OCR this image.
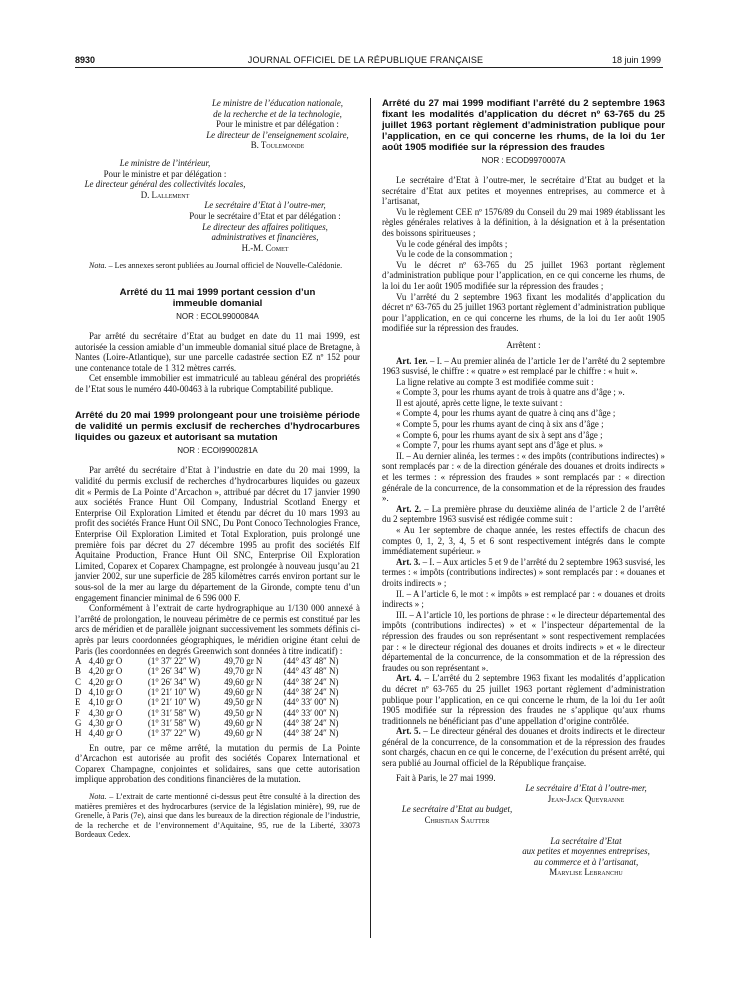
8930	JOURNAL OFFICIEL DE LA RÉPUBLIQUE FRANÇAISE	18 juin 1999

Le ministre de l’éducation nationale,

de la recherche et de la technologie,

Pour le ministre et par délégation :

Le directeur de l’enseignement scolaire,

B. Toulemonde

Le ministre de l’intérieur,

Pour le ministre et par délégation :

Le directeur général des collectivités locales,

D. Lallement

Le secrétaire d’Etat à l’outre-mer,

Pour le secrétaire d’Etat et par délégation :

Le directeur des affaires politiques,

administratives et financières,

H.-M. Comet

Nota. – Les annexes seront publiées au Journal officiel de Nouvelle-Calédonie.

Arrêté du 11 mai 1999 portant cession d’un immeuble domanial

NOR : ECOL9900084A

Par arrêté du secrétaire d’Etat au budget en date du 11 mai 1999, est autorisée la cession amiable d’un immeuble domanial situé place de Bretagne, à Nantes (Loire-Atlantique), sur une parcelle cadastrée section EZ nº 152 pour une contenance totale de 1 312 mètres carrés.

Cet ensemble immobilier est immatriculé au tableau général des propriétés de l’Etat sous le numéro 440-00463 à la rubrique Comptabilité publique.

Arrêté du 20 mai 1999 prolongeant pour une troisième période de validité un permis exclusif de recherches d’hydrocarbures liquides ou gazeux et autorisant sa mutation

NOR : ECOI9900281A

Par arrêté du secrétaire d’Etat à l’industrie en date du 20 mai 1999, la validité du permis exclusif de recherches d’hydrocarbures liquides ou gazeux dit « Permis de La Pointe d’Arcachon », attribué par décret du 17 janvier 1990 aux sociétés France Hunt Oil Company, Industrial Scotland Energy et Enterprise Oil Exploration Limited et étendu par décret du 10 mars 1993 au profit des sociétés France Hunt Oil SNC, Du Pont Conoco Technologies France, Enterprise Oil Exploration Limited et Total Exploration, puis prolongé une première fois par décret du 27 décembre 1995 au profit des sociétés Elf Aquitaine Production, France Hunt Oil SNC, Enterprise Oil Exploration Limited, Coparex et Coparex Champagne, est prolongée à nouveau jusqu’au 21 janvier 2002, sur une superficie de 285 kilomètres carrés environ portant sur le sous-sol de la mer au large du département de la Gironde, compte tenu d’un engagement financier minimal de 6 596 000 F.

Conformément à l’extrait de carte hydrographique au 1/130 000 annexé à l’arrêté de prolongation, le nouveau périmètre de ce permis est constitué par les arcs de méridien et de parallèle joignant successivement les sommets définis ci-après par leurs coordonnées géographiques, le méridien origine étant celui de Paris (les coordonnées en degrés Greenwich sont données à titre indicatif) :

A	4,40 gr O	(1° 37′ 22″ W)	49,70 gr N	(44° 43′ 48″ N)
B	4,20 gr O	(1° 26′ 34″ W)	49,70 gr N	(44° 43′ 48″ N)
C	4,20 gr O	(1° 26′ 34″ W)	49,60 gr N	(44° 38′ 24″ N)
D	4,10 gr O	(1° 21′ 10″ W)	49,60 gr N	(44° 38′ 24″ N)
E	4,10 gr O	(1° 21′ 10″ W)	49,50 gr N	(44° 33′ 00″ N)
F	4,30 gr O	(1° 31′ 58″ W)	49,50 gr N	(44° 33′ 00″ N)
G	4,30 gr O	(1° 31′ 58″ W)	49,60 gr N	(44° 38′ 24″ N)
H	4,40 gr O	(1° 37′ 22″ W)	49,60 gr N	(44° 38′ 24″ N)

En outre, par ce même arrêté, la mutation du permis de La Pointe d’Arcachon est autorisée au profit des sociétés Coparex International et Coparex Champagne, conjointes et solidaires, sans que cette autorisation implique approbation des conditions financières de la mutation.

Nota. – L’extrait de carte mentionné ci-dessus peut être consulté à la direction des matières premières et des hydrocarbures (service de la législation minière), 99, rue de Grenelle, à Paris (7e), ainsi que dans les bureaux de la direction régionale de l’industrie, de la recherche et de l’environnement d’Aquitaine, 95, rue de la Liberté, 33073 Bordeaux Cedex.

Arrêté du 27 mai 1999 modifiant l’arrêté du 2 septembre 1963 fixant les modalités d’application du décret nº 63-765 du 25 juillet 1963 portant règlement d’administration publique pour l’application, en ce qui concerne les rhums, de la loi du 1er août 1905 modifiée sur la répression des fraudes

NOR : ECOD9970007A

Le secrétaire d’Etat à l’outre-mer, le secrétaire d’Etat au budget et la secrétaire d’Etat aux petites et moyennes entreprises, au commerce et à l’artisanat,

Vu le règlement CEE nº 1576/89 du Conseil du 29 mai 1989 établissant les règles générales relatives à la définition, à la désignation et à la présentation des boissons spiritueuses ;

Vu le code général des impôts ;

Vu le code de la consommation ;

Vu le décret nº 63-765 du 25 juillet 1963 portant règlement d’administration publique pour l’application, en ce qui concerne les rhums, de la loi du 1er août 1905 modifiée sur la répression des fraudes ;

Vu l’arrêté du 2 septembre 1963 fixant les modalités d’application du décret nº 63-765 du 25 juillet 1963 portant règlement d’administration publique pour l’application, en ce qui concerne les rhums, de la loi du 1er août 1905 modifiée sur la répression des fraudes.

Arrêtent :

Art. 1er. – I. – Au premier alinéa de l’article 1er de l’arrêté du 2 septembre 1963 susvisé, le chiffre : « quatre » est remplacé par le chiffre : « huit ».

La ligne relative au compte 3 est modifiée comme suit :

« Compte 3, pour les rhums ayant de trois à quatre ans d’âge ; ».

Il est ajouté, après cette ligne, le texte suivant :

« Compte 4, pour les rhums ayant de quatre à cinq ans d’âge ;

« Compte 5, pour les rhums ayant de cinq à six ans d’âge ;

« Compte 6, pour les rhums ayant de six à sept ans d’âge ;

« Compte 7, pour les rhums ayant sept ans d’âge et plus. »

II. – Au dernier alinéa, les termes : « des impôts (contributions indirectes) » sont remplacés par : « de la direction générale des douanes et droits indirects » et les termes : « répression des fraudes » sont remplacés par : « direction générale de la concurrence, de la consommation et de la répression des fraudes ».

Art. 2. – La première phrase du deuxième alinéa de l’article 2 de l’arrêté du 2 septembre 1963 susvisé est rédigée comme suit :

« Au 1er septembre de chaque année, les restes effectifs de chacun des comptes 0, 1, 2, 3, 4, 5 et 6 sont respectivement intégrés dans le compte immédiatement supérieur. »

Art. 3. – I. – Aux articles 5 et 9 de l’arrêté du 2 septembre 1963 susvisé, les termes : « impôts (contributions indirectes) » sont remplacés par : « douanes et droits indirects » ;

II. – A l’article 6, le mot : « impôts » est remplacé par : « douanes et droits indirects » ;

III. – A l’article 10, les portions de phrase : « le directeur départemental des impôts (contributions indirectes) » et « l’inspecteur départemental de la répression des fraudes ou son représentant » sont respectivement remplacées par : « le directeur régional des douanes et droits indirects » et « le directeur départemental de la concurrence, de la consommation et de la répression des fraudes ou son représentant ».

Art. 4. – L’arrêté du 2 septembre 1963 fixant les modalités d’application du décret nº 63-765 du 25 juillet 1963 portant règlement d’administration publique pour l’application, en ce qui concerne le rhum, de la loi du 1er août 1905 modifiée sur la répression des fraudes ne s’applique qu’aux rhums traditionnels ne bénéficiant pas d’une appellation d’origine contrôlée.

Art. 5. – Le directeur général des douanes et droits indirects et le directeur général de la concurrence, de la consommation et de la répression des fraudes sont chargés, chacun en ce qui le concerne, de l’exécution du présent arrêté, qui sera publié au Journal officiel de la République française.

Fait à Paris, le 27 mai 1999.

Le secrétaire d’Etat à l’outre-mer,

Jean-Jack Queyranne

Le secrétaire d’Etat au budget,

Christian Sautter

La secrétaire d’Etat

aux petites et moyennes entreprises,

au commerce et à l’artisanat,

Marylise Lebranchu
